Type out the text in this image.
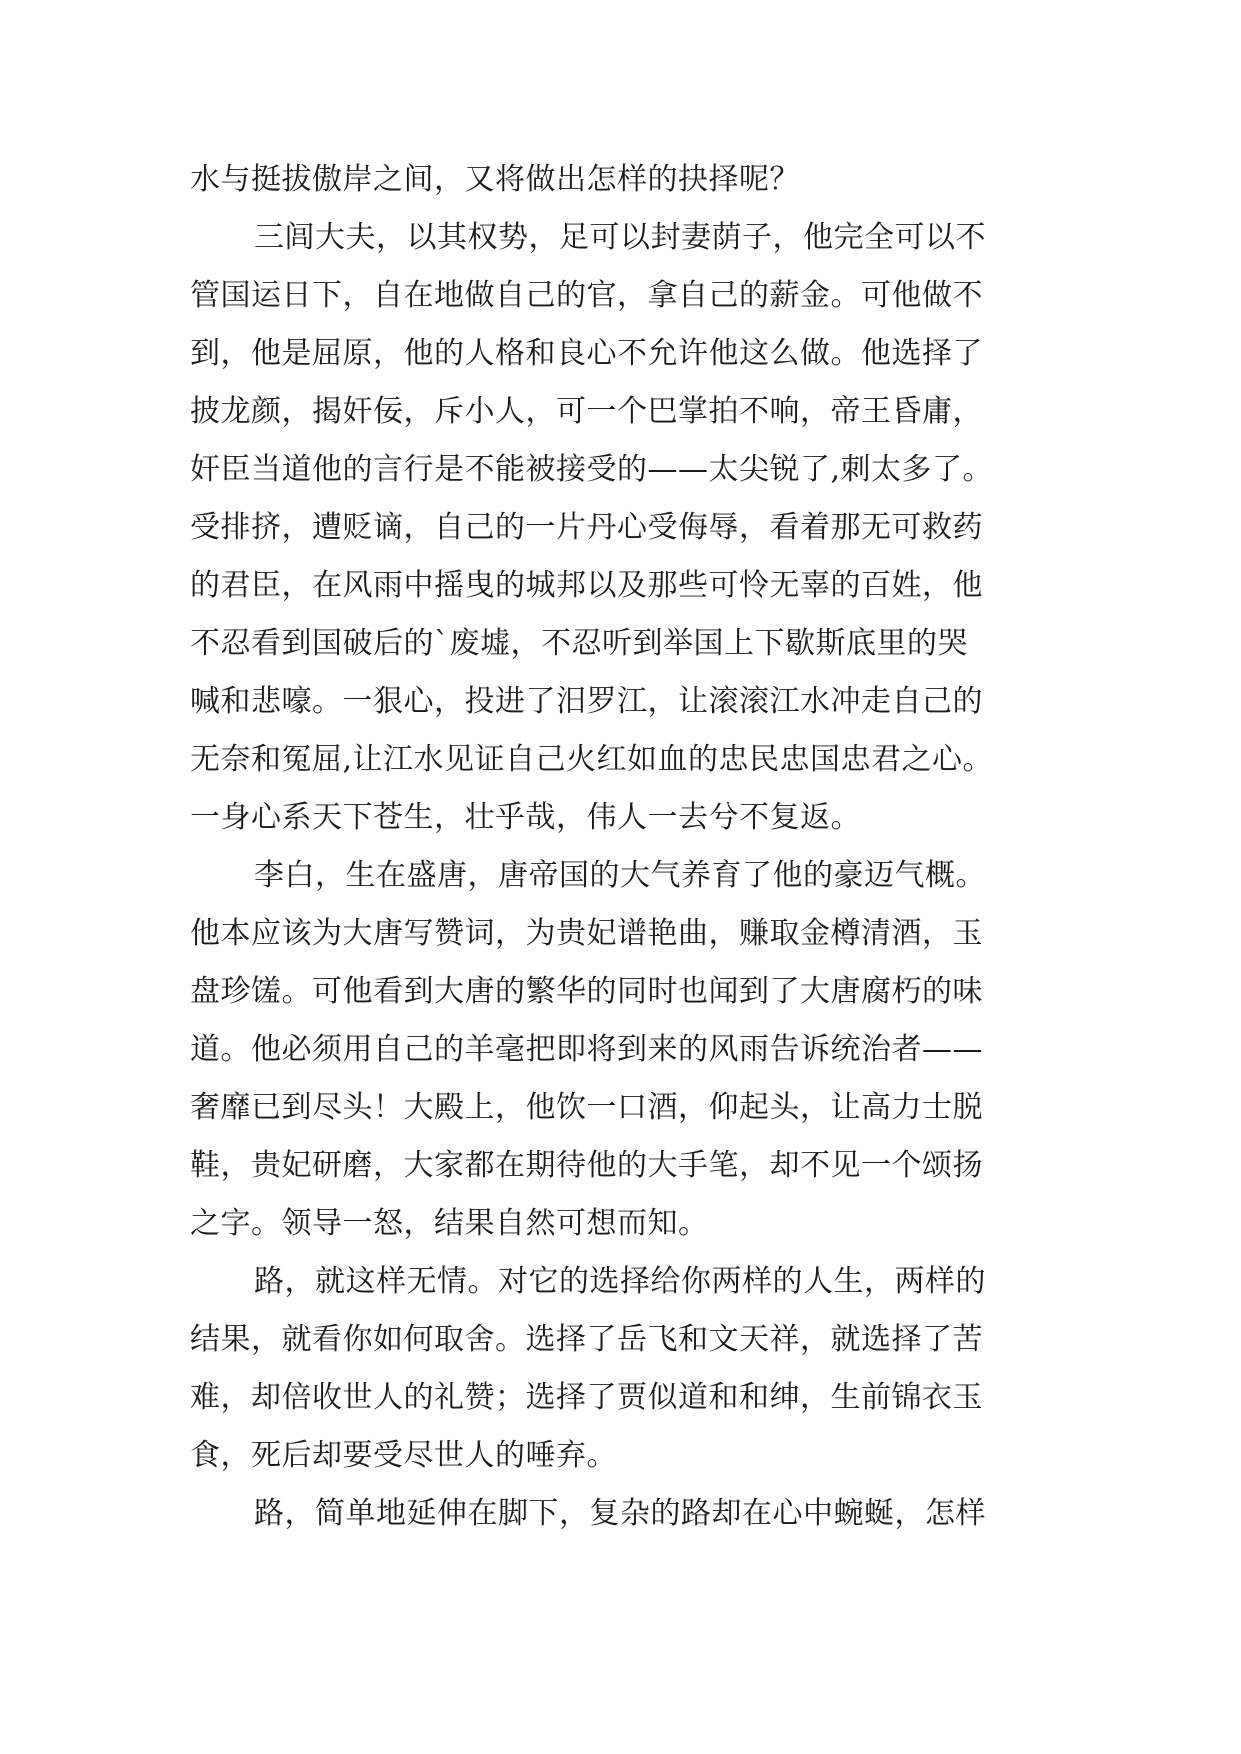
水与挺拔傲岸之间，又将做出怎样的抉择呢？
三闾大夫，以其权势，足可以封妻荫子，他完全可以不
管国运日下，自在地做自己的官，拿自己的薪金。可他做不
到，他是屈原，他的人格和良心不允许他这么做。他选择了
披龙颜，揭奸佞，斥小人，可一个巴掌拍不响，帝王昏庸，
奸臣当道他的言行是不能被接受的——太尖锐了,刺太多了。
受排挤，遭贬谪，自己的一片丹心受侮辱，看着那无可救药
的君臣，在风雨中摇曳的城邦以及那些可怜无辜的百姓，他
不忍看到国破后的`废墟，不忍听到举国上下歇斯底里的哭
喊和悲嚎。一狠心，投进了汨罗江，让滚滚江水冲走自己的
无奈和冤屈,让江水见证自己火红如血的忠民忠国忠君之心。
一身心系天下苍生，壮乎哉，伟人一去兮不复返。
李白，生在盛唐，唐帝国的大气养育了他的豪迈气概。
他本应该为大唐写赞词，为贵妃谱艳曲，赚取金樽清酒，玉
盘珍馐。可他看到大唐的繁华的同时也闻到了大唐腐朽的味
道。他必须用自己的羊毫把即将到来的风雨告诉统治者——
奢靡已到尽头！大殿上，他饮一口酒，仰起头，让高力士脱
鞋，贵妃研磨，大家都在期待他的大手笔，却不见一个颂扬
之字。领导一怒，结果自然可想而知。
路，就这样无情。对它的选择给你两样的人生，两样的
结果，就看你如何取舍。选择了岳飞和文天祥，就选择了苦
难，却倍收世人的礼赞；选择了贾似道和和绅，生前锦衣玉
食，死后却要受尽世人的唾弃。
路，简单地延伸在脚下，复杂的路却在心中蜿蜒，怎样
